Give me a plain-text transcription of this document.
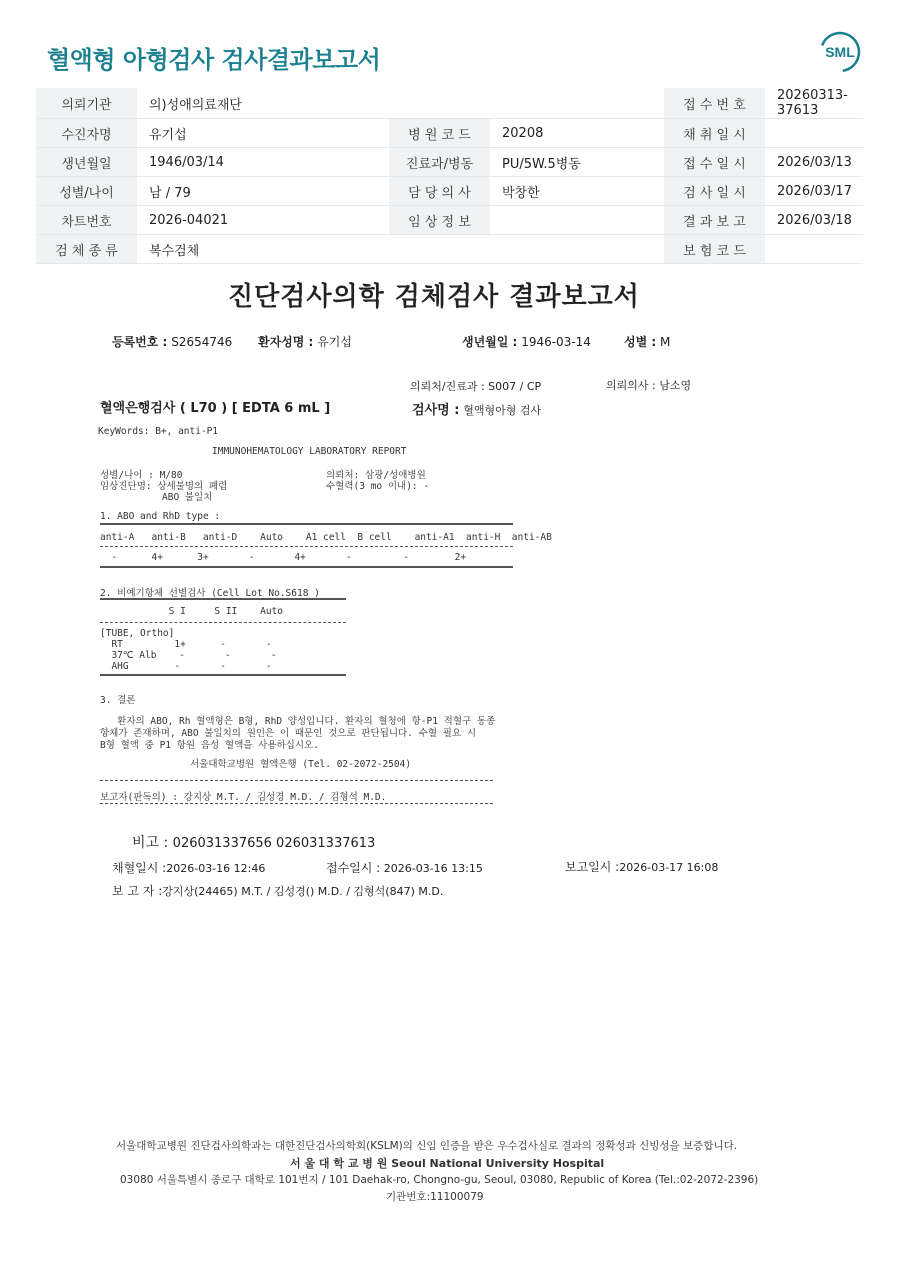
혈액형 아형검사 검사결과보고서	SML
의뢰기관	의)성애의료재단			접 수 번 호	20260313-37613
수진자명	유기섭	병 원 코 드	20208	채 취 일 시	
생년월일	1946/03/14	진료과/병동	PU/5W.5병동	접 수 일 시	2026/03/13
성별/나이	남 / 79	담 당 의 사	박창한	검 사 일 시	2026/03/17
차트번호	2026-04021	임 상 정 보		결 과 보 고	2026/03/18
검 체 종 류	복수검체			보 험 코 드	
진단검사의학 검체검사 결과보고서
등록번호 : S2654746 환자성명 : 유기섭	생년월일 : 1946-03-14	성별 : M
의뢰처/진료과 : S007 / CP	의뢰의사 : 남소영
혈액은행검사 ( L70 ) [ EDTA 6 mL ]	검사명 : 혈액형아형 검사
KeyWords: B+, anti-P1
IMMUNOHEMATOLOGY LABORATORY REPORT
성별/나이 : M/80
임상진단명: 상세불명의 폐렴
ABO 불일치
의뢰처: 삼광/성애병원
수혈력(3 mo 이내): -
1. ABO and RhD type :
anti-A   anti-B   anti-D    Auto    A1 cell  B cell    anti-A1  anti-H  anti-AB
-      4+      3+       -       4+       -         -        2+
2. 비예기항체 선별검사 (Cell Lot No.S618 )
S I     S II    Auto
[TUBE, Ortho]
RT         1+      -       -
37℃ Alb    -       -       -
AHG        -       -       -
3. 결론
환자의 ABO, Rh 혈액형은 B형, RhD 양성입니다. 환자의 혈청에 항-P1 적혈구 동종
항체가 존재하며, ABO 불일치의 원인은 이 때문인 것으로 판단됩니다. 수혈 필요 시
B형 혈액 중 P1 항원 음성 혈액을 사용하십시오.
서울대학교병원 혈액은행 (Tel. 02-2072-2504)
보고자(판독의) : 강지상 M.T. / 김성경 M.D. / 김형석 M.D.
비고 : 026031337656 026031337613
채혈일시 :2026-03-16 12:46	접수일시 : 2026-03-16 13:15	보고일시 :2026-03-17 16:08
보 고 자 :강지상(24465) M.T. / 김성경() M.D. / 김형석(847) M.D.
서울대학교병원 진단검사의학과는 대한진단검사의학회(KSLM)의 신임 인증을 받은 우수검사실로 결과의 정확성과 신빙성을 보증합니다.
서 울 대 학 교 병 원 Seoul National University Hospital
03080 서울특별시 종로구 대학로 101번지 / 101 Daehak-ro, Chongno-gu, Seoul, 03080, Republic of Korea (Tel.:02-2072-2396)
기관번호:11100079
